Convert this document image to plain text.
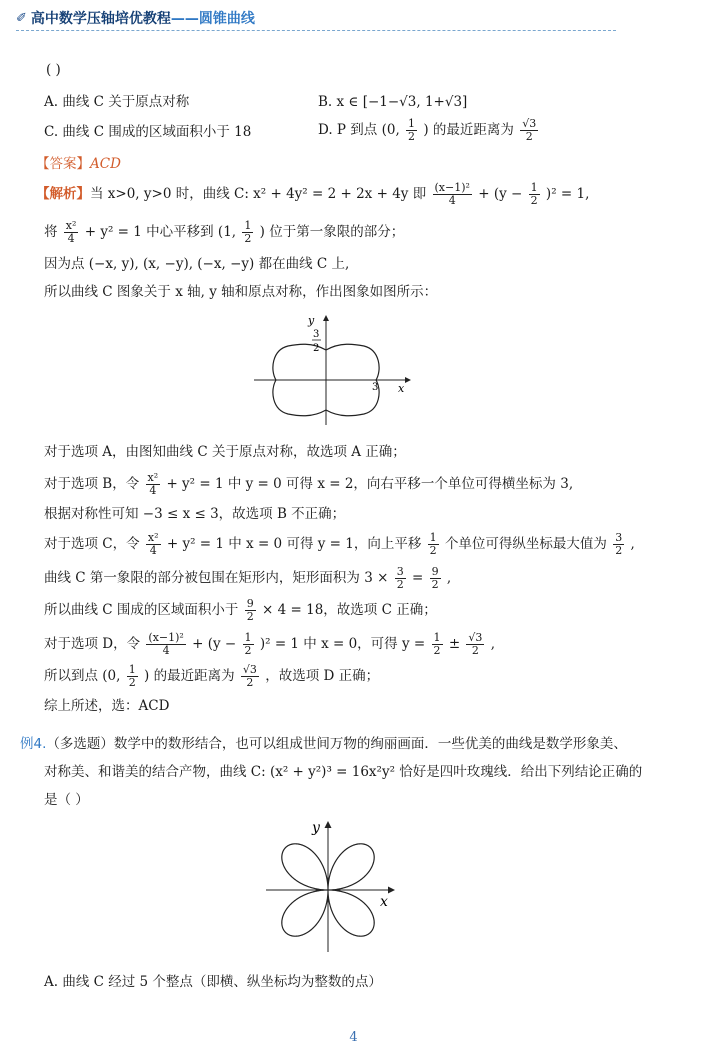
✐ 高中数学压轴培优教程 ——圆锥曲线
( )
A. 曲线 C 关于原点对称	B. x ∈ [−1−√3, 1+√3]
C. 曲线 C 围成的区域面积小于 18	D. P 到点 (0, $\frac{1}{2}$ ) 的最近距离为 $\frac{√3}{2}$
【答案】ACD
【解析】当 x>0, y>0 时，曲线 C: x² + 4y² = 2 + 2x + 4y 即 $\frac{\text{(x−1)²}}{4} + (y - \frac{1}{2} )^2 = 1$,
将 $\frac{\text{x²}}{4} + y^2 = 1$ 中心平移到 (1, $\frac{1}{2}$ ) 位于第一象限的部分；
因为点 (−x, y), (x, −y), (−x, −y) 都在曲线 C 上,
所以曲线 C 图象关于 x 轴, y 轴和原点对称，作出图象如图所示：
y
x
3
2
3
对于选项 A，由图知曲线 C 关于原点对称，故选项 A 正确；
对于选项 B，令 $\frac{\text{x²}}{4} + y^2 = 1$ 中 y = 0 可得 x = 2，向右平移一个单位可得横坐标为 3,
根据对称性可知 −3 ≤ x ≤ 3，故选项 B 不正确；
对于选项 C，令 $\frac{\text{x²}}{4} + y^2 = 1$ 中 x = 0 可得 y = 1，向上平移 $\frac{1}{2}$ 个单位可得纵坐标最大值为 $\frac{3}{2}$ ,
曲线 C 第一象限的部分被包围在矩形内，矩形面积为 $3 \times \frac{3}{2} = \frac{9}{2}$ ,
所以曲线 C 围成的区域面积小于 $\frac{9}{2} \times 4 = 18$，故选项 C 正确；
对于选项 D，令 $\frac{\text{(x−1)²}}{4} + (y - \frac{1}{2} )^2 = 1$ 中 x = 0，可得 $y = \frac{1}{2} \pm \frac{√3}{2}$ ,
所以到点 (0, $\frac{1}{2}$ ) 的最近距离为 $\frac{√3}{2}$ ，故选项 D 正确；
综上所述，选：ACD
例4.（多选题）数学中的数形结合，也可以组成世间万物的绚丽画面．一些优美的曲线是数学形象美、
对称美、和谐美的结合产物，曲线 C: (x² + y²)³ = 16x²y² 恰好是四叶玫瑰线．给出下列结论正确的
是（ ）
y
x
A. 曲线 C 经过 5 个整点（即横、纵坐标均为整数的点）
4
